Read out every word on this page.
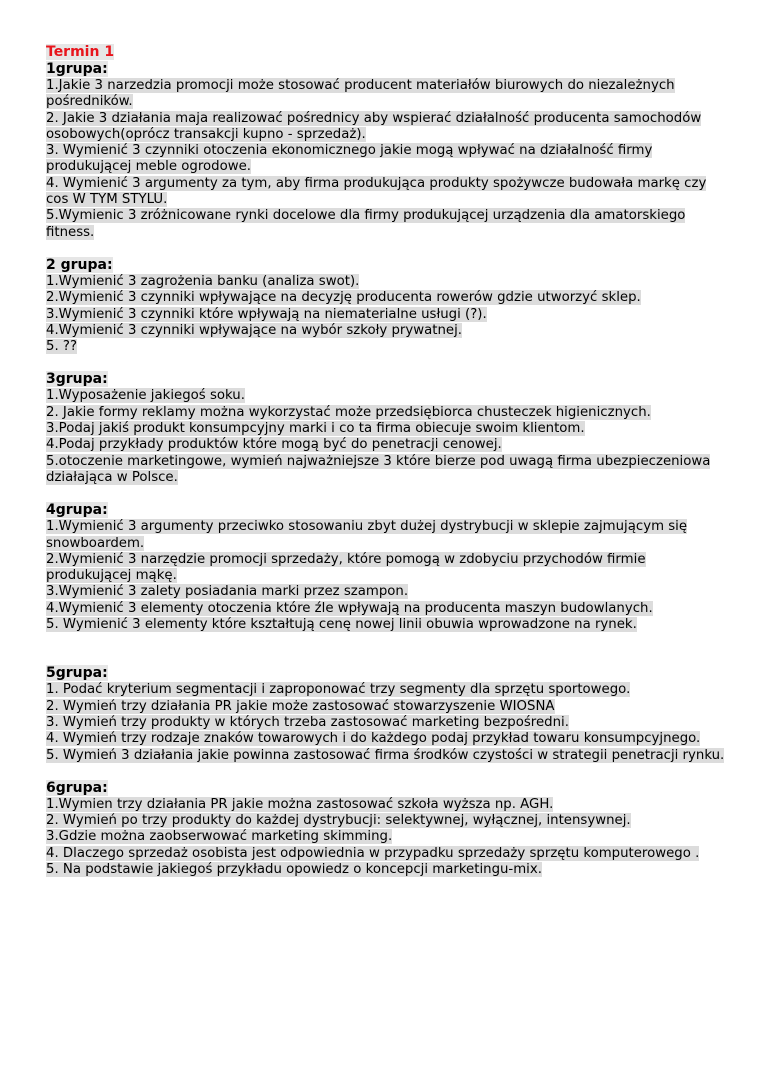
Termin 1
1grupa:

1.Jakie 3 narzedzia promocji może stosować producent materiałów biurowych do niezależnych pośredników.

2. Jakie 3 działania maja realizować pośrednicy aby wspierać działalność producenta samochodów osobowych(oprócz transakcji kupno - sprzedaż).

3. Wymienić 3 czynniki otoczenia ekonomicznego jakie mogą wpływać na działalność firmy produkującej meble ogrodowe.

4. Wymienić 3 argumenty za tym, aby firma produkująca produkty spożywcze budowała markę czy cos W TYM STYLU.

5.Wymienic 3 zróżnicowane rynki docelowe dla firmy produkującej urządzenia dla amatorskiego fitness.

2 grupa:

1.Wymienić 3 zagrożenia banku (analiza swot).

2.Wymienić 3 czynniki wpływające na decyzję producenta rowerów gdzie utworzyć sklep.

3.Wymienić 3 czynniki które wpływają na niematerialne usługi (?).

4.Wymienić 3 czynniki wpływające na wybór szkoły prywatnej.

5. ??

3grupa:

1.Wyposażenie jakiegoś soku.

2. Jakie formy reklamy można wykorzystać może przedsiębiorca chusteczek higienicznych.

3.Podaj jakiś produkt konsumpcyjny marki i co ta firma obiecuje swoim klientom.

4.Podaj przykłady produktów które mogą być do penetracji cenowej.

5.otoczenie marketingowe, wymień najważniejsze 3 które bierze pod uwagą firma ubezpieczeniowa działająca w Polsce.

4grupa:

1.Wymienić 3 argumenty przeciwko stosowaniu zbyt dużej dystrybucji w sklepie zajmującym się snowboardem.

2.Wymienić 3 narzędzie promocji sprzedaży, które pomogą w zdobyciu przychodów firmie produkującej mąkę.

3.Wymienić 3 zalety posiadania marki przez szampon.

4.Wymienić 3 elementy otoczenia które źle wpływają na producenta maszyn budowlanych.

5. Wymienić 3 elementy które kształtują cenę nowej linii obuwia wprowadzone na rynek.

5grupa:

1. Podać kryterium segmentacji i zaproponować trzy segmenty dla sprzętu sportowego.

2. Wymień trzy działania PR jakie może zastosować stowarzyszenie WIOSNA

3. Wymień trzy produkty w których trzeba zastosować marketing bezpośredni.

4. Wymień trzy rodzaje znaków towarowych i do każdego podaj przykład towaru konsumpcyjnego.

5. Wymień 3 działania jakie powinna zastosować firma środków czystości w strategii penetracji rynku.

6grupa:

1.Wymien trzy działania PR jakie można zastosować szkoła wyższa np. AGH.

2. Wymień po trzy produkty do każdej dystrybucji: selektywnej, wyłącznej, intensywnej.

3.Gdzie można zaobserwować marketing skimming.

4. Dlaczego sprzedaż osobista jest odpowiednia w przypadku sprzedaży sprzętu komputerowego .

5. Na podstawie jakiegoś przykładu opowiedz o koncepcji marketingu-mix.
